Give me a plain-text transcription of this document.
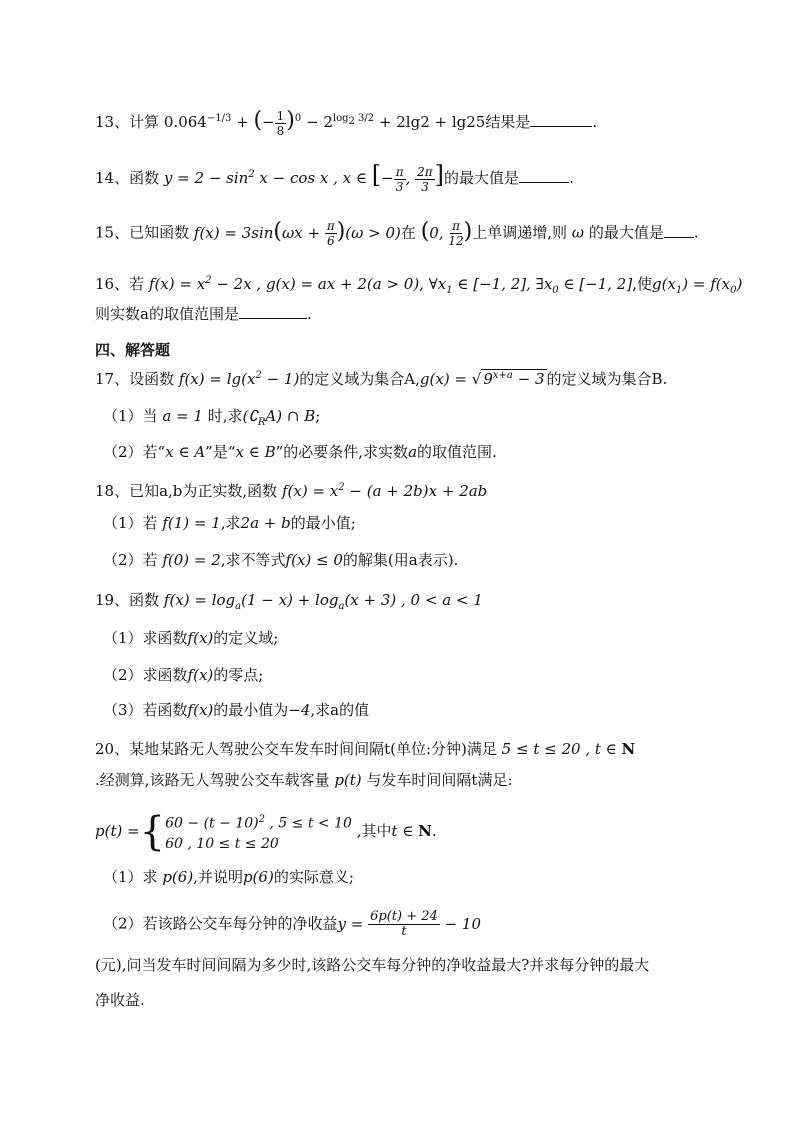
13、计算 $0.064^{-1/3}$ + (− $\frac{1}{8} )^0 - 2^{log_2 3/2} + 2\lg 2 + \lg 25$结果是	.
14、函数 $y = 2 - \sin^2 x - \cos x$ , x ∈ [− $\frac{\pi}{3}$ , $\frac{2\pi}{3}$ ]的最大值是	.
15、已知函数 $f(x) = 3\sin(\omega x + \frac{\pi}{6} )(\omega > 0)$在 (0, $\frac{\pi}{12}$ )上单调递增,则 ω 的最大值是 .
16、若 $f(x) = x^2 - 2x$ , g(x) = ax + 2(a > 0), $\forall x_1$ ∈ [−1, 2], $\exists x_0$ ∈ [−1, 2],使$g(x_1) = f(x_0)$
则实数a的取值范围是	.
四、解答题
17、设函数 $f(x) = \lg(x^2 - 1)$的定义域为集合A,g(x) = √ $9^{x+a} - 3$ 的定义域为集合B.
（1）当 a = 1 时,求$(∁_RA)$ ∩ B;
（2）若“x ∈ A”是“x ∈ B”的必要条件,求实数a的取值范围.
18、已知a,b为正实数,函数 $f(x) = x^2 - (a + 2b)x + 2ab$
（1）若 f(1) = 1,求2a + b的最小值;
（2）若 f(0) = 2,求不等式f(x) ≤ 0的解集(用a表示).
19、函数 $f(x) = \log_a(1 - x) + \log_a(x + 3)$ , 0 < a < 1
（1）求函数f(x)的定义域;
（2）求函数f(x)的零点;
（3）若函数f(x)的最小值为−4,求a的值
20、某地某路无人驾驶公交车发车时间间隔t(单位:分钟)满足 5 ≤ t ≤ 20 , t ∈ N
.经测算,该路无人驾驶公交车载客量 p(t) 与发车时间间隔t满足:
p(t) ={ $60 - (t - 10)^2$ , 5 ≤ t < 10
60 , 10 ≤ t ≤ 20
,其中t ∈ N.
（1）求 p(6),并说明p(6)的实际意义;
（2）若该路公交车每分钟的净收益$y = \frac{6p(t) + 24}{t} - 10$
(元),问当发车时间间隔为多少时,该路公交车每分钟的净收益最大?并求每分钟的最大
净收益.
